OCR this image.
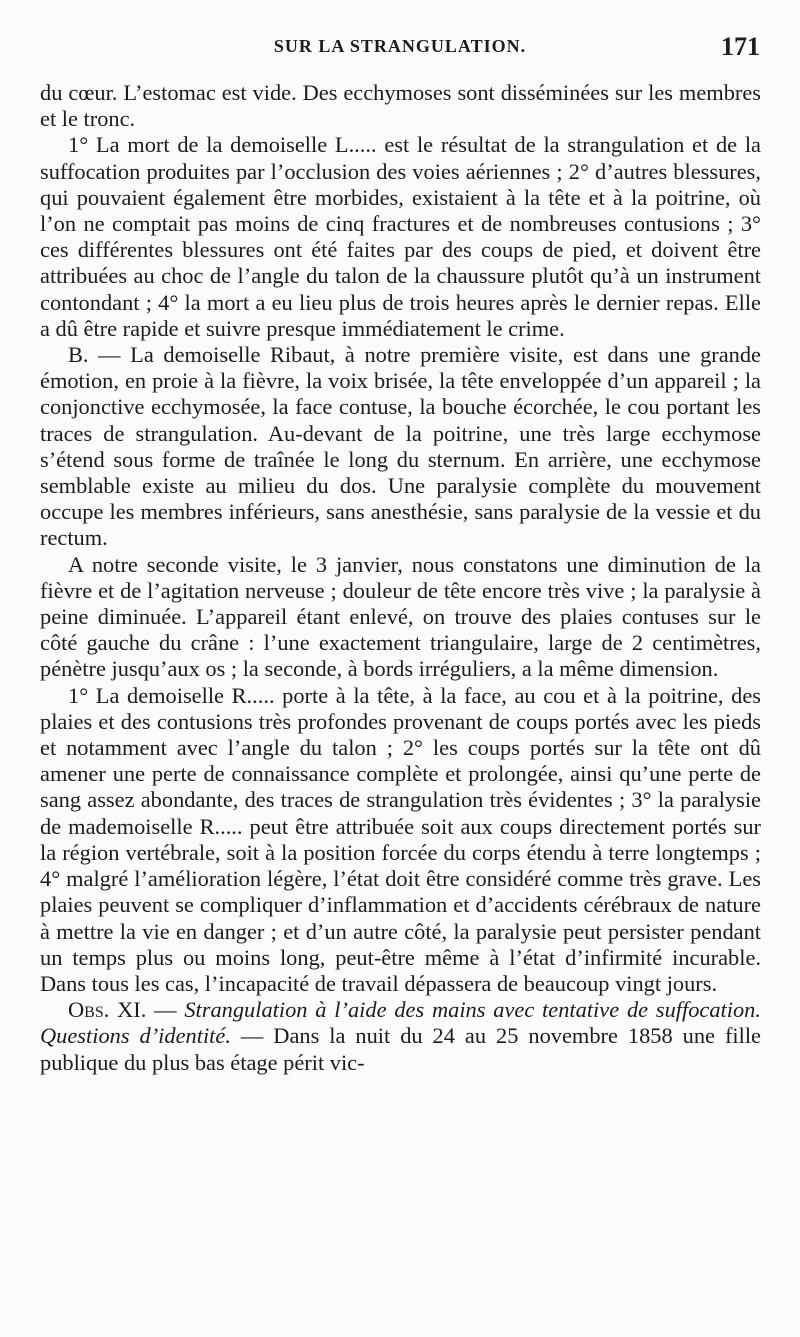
SUR LA STRANGULATION.	171

du cœur. L’estomac est vide. Des ecchymoses sont disséminées sur les membres et le tronc.

1° La mort de la demoiselle L..... est le résultat de la strangulation et de la suffocation produites par l’occlusion des voies aériennes ; 2° d’autres blessures, qui pouvaient également être morbides, existaient à la tête et à la poitrine, où l’on ne comptait pas moins de cinq fractures et de nombreuses contusions ; 3° ces différentes blessures ont été faites par des coups de pied, et doivent être attribuées au choc de l’angle du talon de la chaussure plutôt qu’à un instrument contondant ; 4° la mort a eu lieu plus de trois heures après le dernier repas. Elle a dû être rapide et suivre presque immédiatement le crime.

B. — La demoiselle Ribaut, à notre première visite, est dans une grande émotion, en proie à la fièvre, la voix brisée, la tête enveloppée d’un appareil ; la conjonctive ecchymosée, la face contuse, la bouche écorchée, le cou portant les traces de strangulation. Au-devant de la poitrine, une très large ecchymose s’étend sous forme de traînée le long du sternum. En arrière, une ecchymose semblable existe au milieu du dos. Une paralysie complète du mouvement occupe les membres inférieurs, sans anesthésie, sans paralysie de la vessie et du rectum.

A notre seconde visite, le 3 janvier, nous constatons une diminution de la fièvre et de l’agitation nerveuse ; douleur de tête encore très vive ; la paralysie à peine diminuée. L’appareil étant enlevé, on trouve des plaies contuses sur le côté gauche du crâne : l’une exactement triangulaire, large de 2 centimètres, pénètre jusqu’aux os ; la seconde, à bords irréguliers, a la même dimension.

1° La demoiselle R..... porte à la tête, à la face, au cou et à la poitrine, des plaies et des contusions très profondes provenant de coups portés avec les pieds et notamment avec l’angle du talon ; 2° les coups portés sur la tête ont dû amener une perte de connaissance complète et prolongée, ainsi qu’une perte de sang assez abondante, des traces de strangulation très évidentes ; 3° la paralysie de mademoiselle R..... peut être attribuée soit aux coups directement portés sur la région vertébrale, soit à la position forcée du corps étendu à terre longtemps ; 4° malgré l’amélioration légère, l’état doit être considéré comme très grave. Les plaies peuvent se compliquer d’inflammation et d’accidents cérébraux de nature à mettre la vie en danger ; et d’un autre côté, la paralysie peut persister pendant un temps plus ou moins long, peut-être même à l’état d’infirmité incurable. Dans tous les cas, l’incapacité de travail dépassera de beaucoup vingt jours.

Obs. XI. — Strangulation à l’aide des mains avec tentative de suffocation. Questions d’identité. — Dans la nuit du 24 au 25 novembre 1858 une fille publique du plus bas étage périt vic-
